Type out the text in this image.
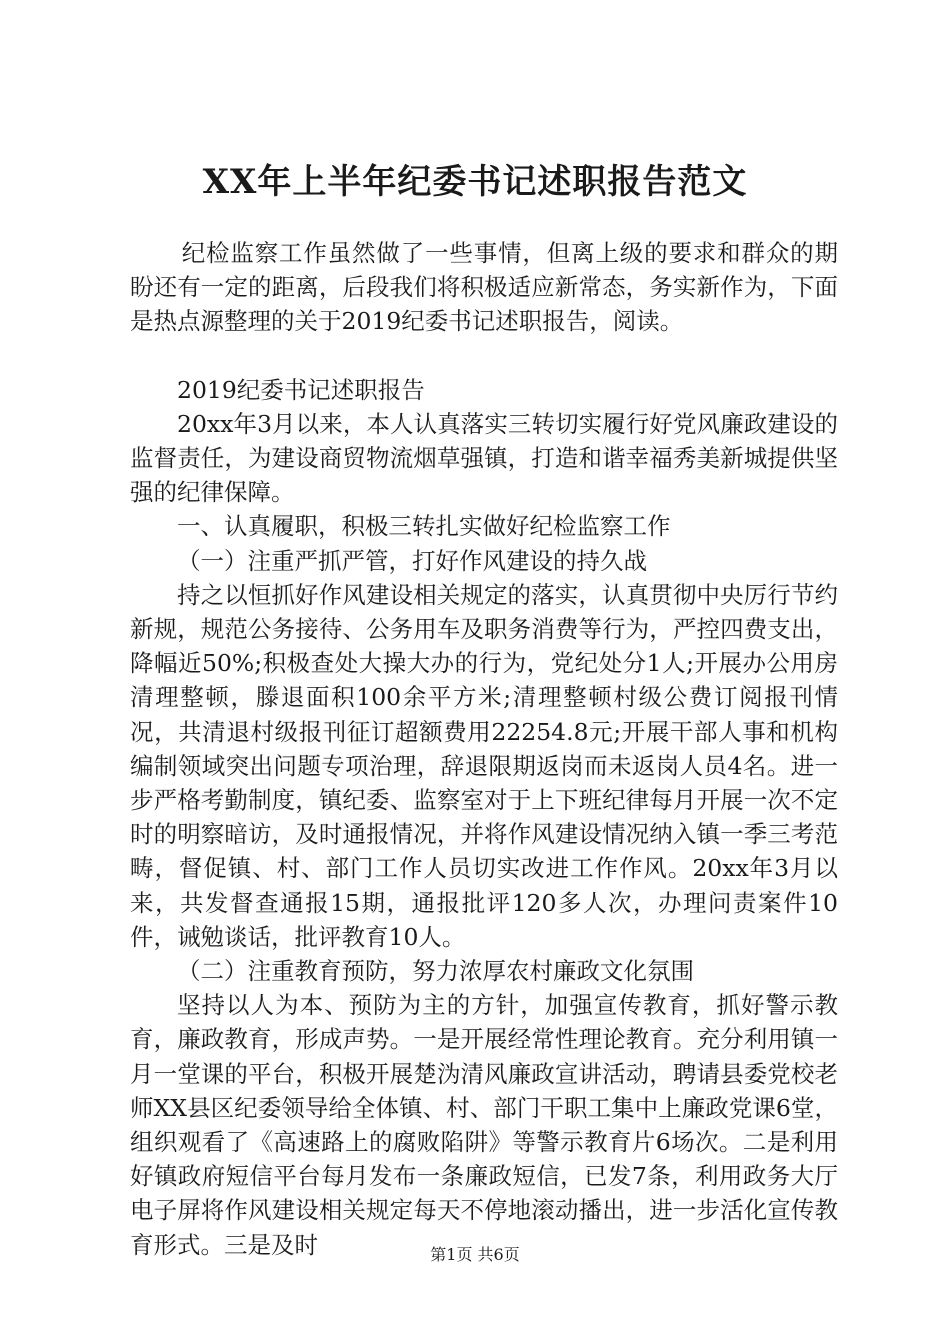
XX年上半年纪委书记述职报告范文

纪检监察工作虽然做了一些事情，但离上级的要求和群众的期盼还有一定的距离，后段我们将积极适应新常态，务实新作为，下面是热点源整理的关于2019纪委书记述职报告，阅读。

2019纪委书记述职报告

20xx年3月以来，本人认真落实三转切实履行好党风廉政建设的监督责任，为建设商贸物流烟草强镇，打造和谐幸福秀美新城提供坚强的纪律保障。

一、认真履职，积极三转扎实做好纪检监察工作

（一）注重严抓严管，打好作风建设的持久战

持之以恒抓好作风建设相关规定的落实，认真贯彻中央厉行节约新规，规范公务接待、公务用车及职务消费等行为，严控四费支出，降幅近50%;积极查处大操大办的行为，党纪处分1人;开展办公用房清理整顿，滕退面积100余平方米;清理整顿村级公费订阅报刊情况，共清退村级报刊征订超额费用22254.8元;开展干部人事和机构编制领域突出问题专项治理，辞退限期返岗而未返岗人员4名。进一步严格考勤制度，镇纪委、监察室对于上下班纪律每月开展一次不定时的明察暗访，及时通报情况，并将作风建设情况纳入镇一季三考范畴，督促镇、村、部门工作人员切实改进工作作风。20xx年3月以来，共发督查通报15期，通报批评120多人次，办理问责案件10件，诫勉谈话，批评教育10人。

（二）注重教育预防，努力浓厚农村廉政文化氛围

坚持以人为本、预防为主的方针，加强宣传教育，抓好警示教育，廉政教育，形成声势。一是开展经常性理论教育。充分利用镇一月一堂课的平台，积极开展楚沩清风廉政宣讲活动，聘请县委党校老师XX县区纪委领导给全体镇、村、部门干职工集中上廉政党课6堂，组织观看了《高速路上的腐败陷阱》等警示教育片6场次。二是利用好镇政府短信平台每月发布一条廉政短信，已发7条，利用政务大厅电子屏将作风建设相关规定每天不停地滚动播出，进一步活化宣传教育形式。三是及时	第1页 共6页
